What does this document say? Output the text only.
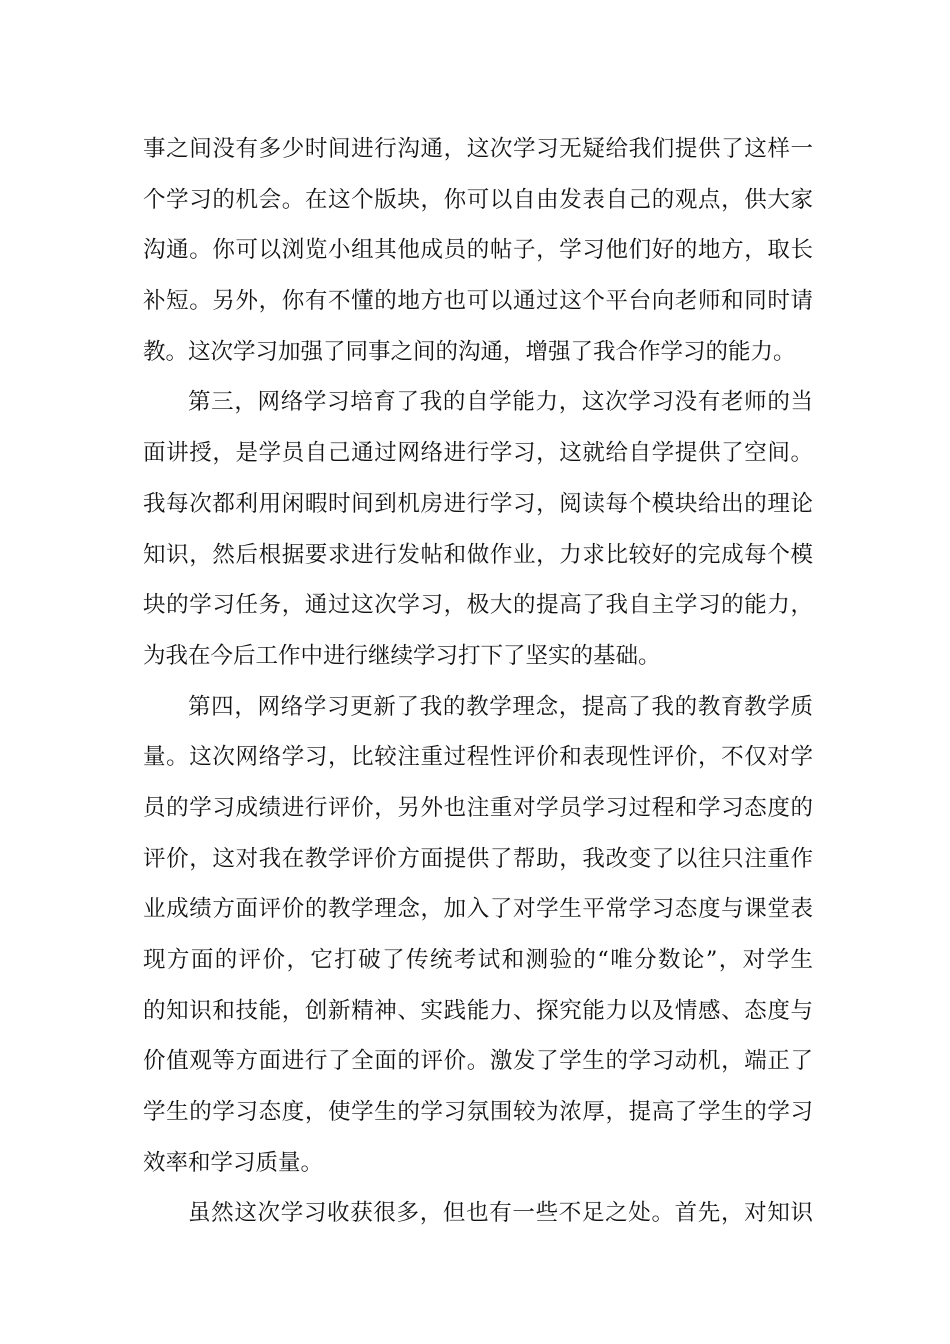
事之间没有多少时间进行沟通，这次学习无疑给我们提供了这样一
个学习的机会。在这个版块，你可以自由发表自己的观点，供大家
沟通。你可以浏览小组其他成员的帖子，学习他们好的地方，取长
补短。另外，你有不懂的地方也可以通过这个平台向老师和同时请
教。这次学习加强了同事之间的沟通，增强了我合作学习的能力。
第三，网络学习培育了我的自学能力，这次学习没有老师的当
面讲授，是学员自己通过网络进行学习，这就给自学提供了空间。
我每次都利用闲暇时间到机房进行学习，阅读每个模块给出的理论
知识，然后根据要求进行发帖和做作业，力求比较好的完成每个模
块的学习任务，通过这次学习，极大的提高了我自主学习的能力，
为我在今后工作中进行继续学习打下了坚实的基础。
第四，网络学习更新了我的教学理念，提高了我的教育教学质
量。这次网络学习，比较注重过程性评价和表现性评价，不仅对学
员的学习成绩进行评价，另外也注重对学员学习过程和学习态度的
评价，这对我在教学评价方面提供了帮助，我改变了以往只注重作
业成绩方面评价的教学理念，加入了对学生平常学习态度与课堂表
现方面的评价，它打破了传统考试和测验的“唯分数论”，对学生
的知识和技能，创新精神、实践能力、探究能力以及情感、态度与
价值观等方面进行了全面的评价。激发了学生的学习动机，端正了
学生的学习态度，使学生的学习氛围较为浓厚，提高了学生的学习
效率和学习质量。
虽然这次学习收获很多，但也有一些不足之处。首先，对知识
